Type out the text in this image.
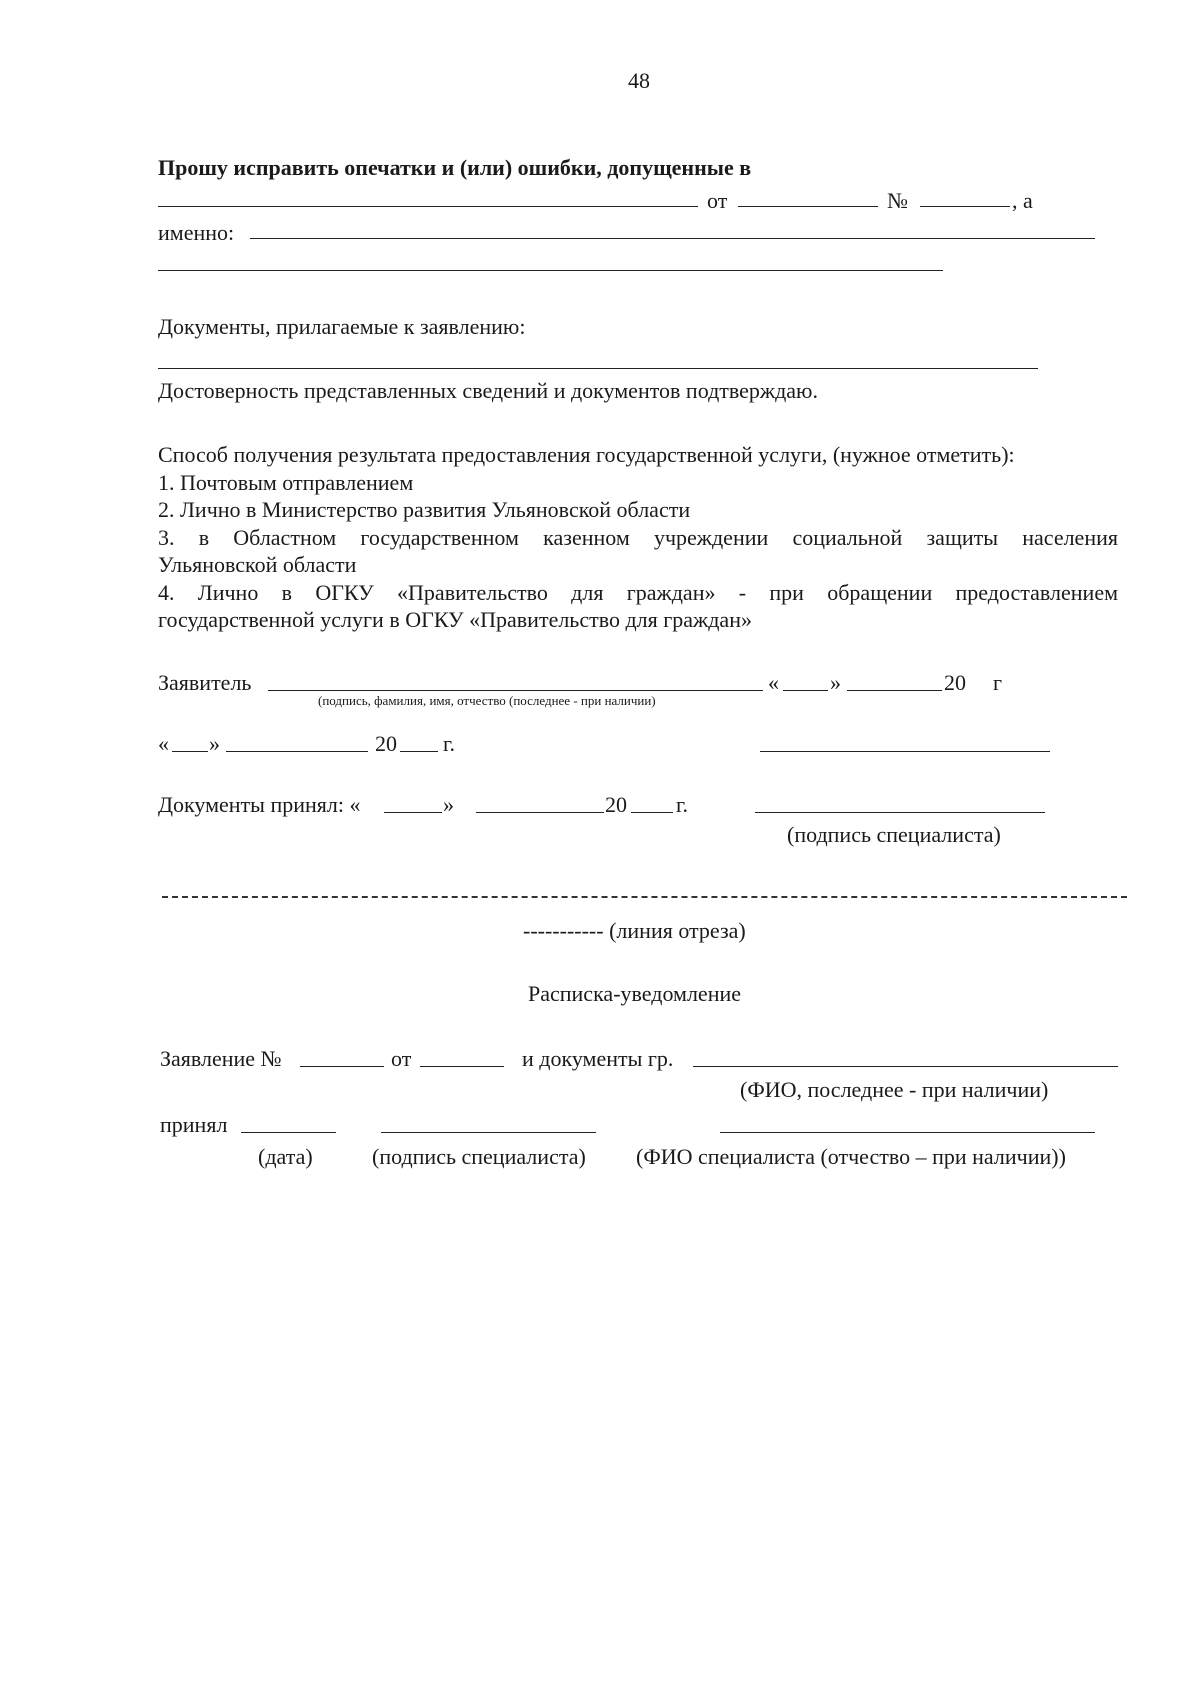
48
Прошу исправить опечатки и (или) ошибки, допущенные в
от	№	, а
именно:
Документы, прилагаемые к заявлению:
Достоверность представленных сведений и документов подтверждаю.
Способ получения результата предоставления государственной услуги, (нужное отметить):
1. Почтовым отправлением
2. Лично в Министерство развития Ульяновской области
3. в Областном государственном казенном учреждении социальной защиты населения
Ульяновской области
4. Лично в ОГКУ «Правительство для граждан» - при обращении предоставлением
государственной услуги в ОГКУ «Правительство для граждан»
Заявитель	« »	20 г
(подпись, фамилия, имя, отчество (последнее - при наличии)
« »	20 г.
Документы принял: «	»	20 г.
(подпись специалиста)
----------- (линия отреза)
Расписка-уведомление
Заявление №	от	и документы гр.
(ФИО, последнее - при наличии)
принял
(дата)	(подпись специалиста) (ФИО специалиста (отчество – при наличии))
